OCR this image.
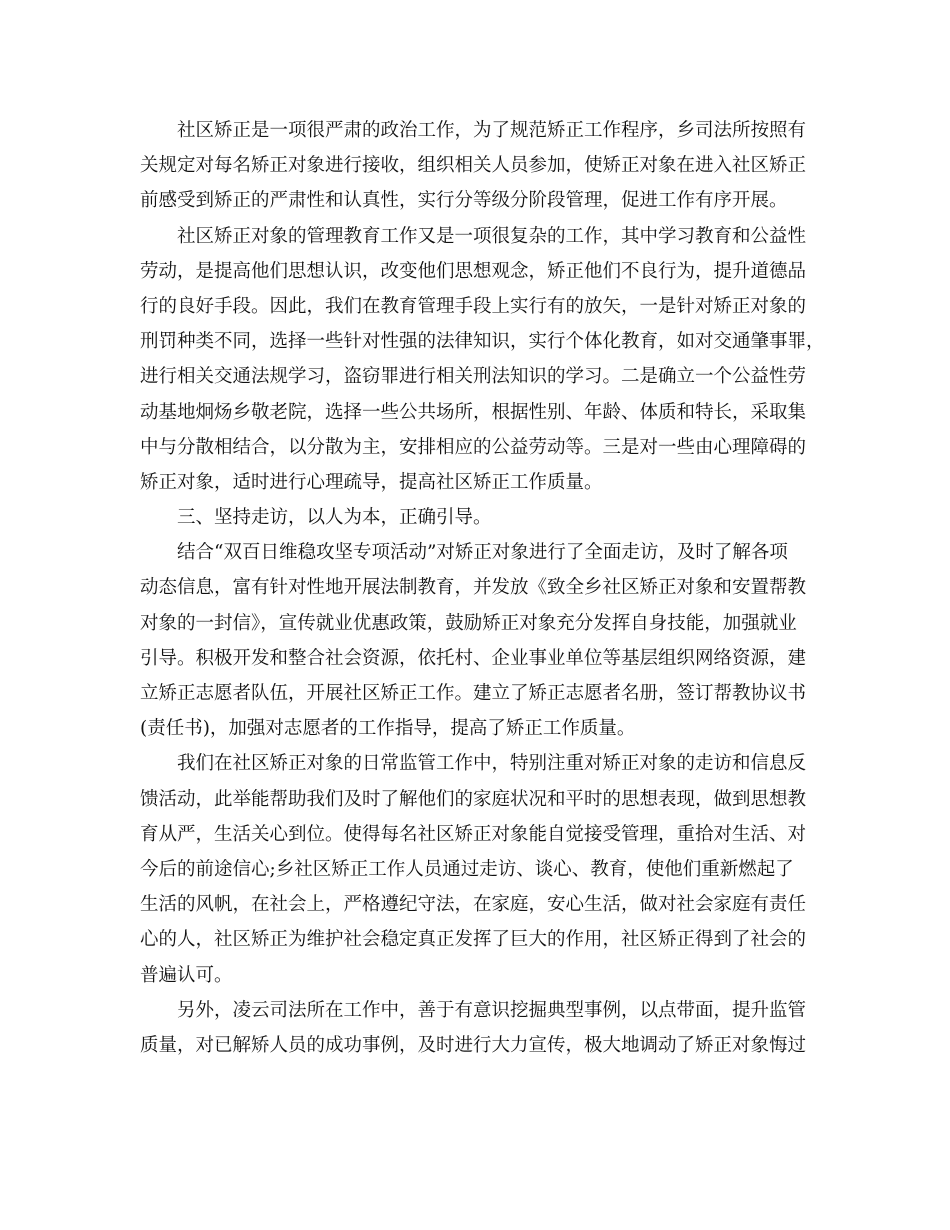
社区矫正是一项很严肃的政治工作，为了规范矫正工作程序，乡司法所按照有
关规定对每名矫正对象进行接收，组织相关人员参加，使矫正对象在进入社区矫正
前感受到矫正的严肃性和认真性，实行分等级分阶段管理，促进工作有序开展。
社区矫正对象的管理教育工作又是一项很复杂的工作，其中学习教育和公益性
劳动，是提高他们思想认识，改变他们思想观念，矫正他们不良行为，提升道德品
行的良好手段。因此，我们在教育管理手段上实行有的放矢，一是针对矫正对象的
刑罚种类不同，选择一些针对性强的法律知识，实行个体化教育，如对交通肇事罪，
进行相关交通法规学习，盗窃罪进行相关刑法知识的学习。二是确立一个公益性劳
动基地炯炀乡敬老院，选择一些公共场所，根据性别、年龄、体质和特长，采取集
中与分散相结合，以分散为主，安排相应的公益劳动等。三是对一些由心理障碍的
矫正对象，适时进行心理疏导，提高社区矫正工作质量。
三、坚持走访，以人为本，正确引导。
结合“双百日维稳攻坚专项活动”对矫正对象进行了全面走访，及时了解各项
动态信息，富有针对性地开展法制教育，并发放《致全乡社区矫正对象和安置帮教
对象的一封信》，宣传就业优惠政策，鼓励矫正对象充分发挥自身技能，加强就业
引导。积极开发和整合社会资源，依托村、企业事业单位等基层组织网络资源，建
立矫正志愿者队伍，开展社区矫正工作。建立了矫正志愿者名册，签订帮教协议书
(责任书)，加强对志愿者的工作指导，提高了矫正工作质量。
我们在社区矫正对象的日常监管工作中，特别注重对矫正对象的走访和信息反
馈活动，此举能帮助我们及时了解他们的家庭状况和平时的思想表现，做到思想教
育从严，生活关心到位。使得每名社区矫正对象能自觉接受管理，重拾对生活、对
今后的前途信心;乡社区矫正工作人员通过走访、谈心、教育，使他们重新燃起了
生活的风帆，在社会上，严格遵纪守法，在家庭，安心生活，做对社会家庭有责任
心的人，社区矫正为维护社会稳定真正发挥了巨大的作用，社区矫正得到了社会的
普遍认可。
另外，凌云司法所在工作中，善于有意识挖掘典型事例，以点带面，提升监管
质量，对已解矫人员的成功事例，及时进行大力宣传，极大地调动了矫正对象悔过
